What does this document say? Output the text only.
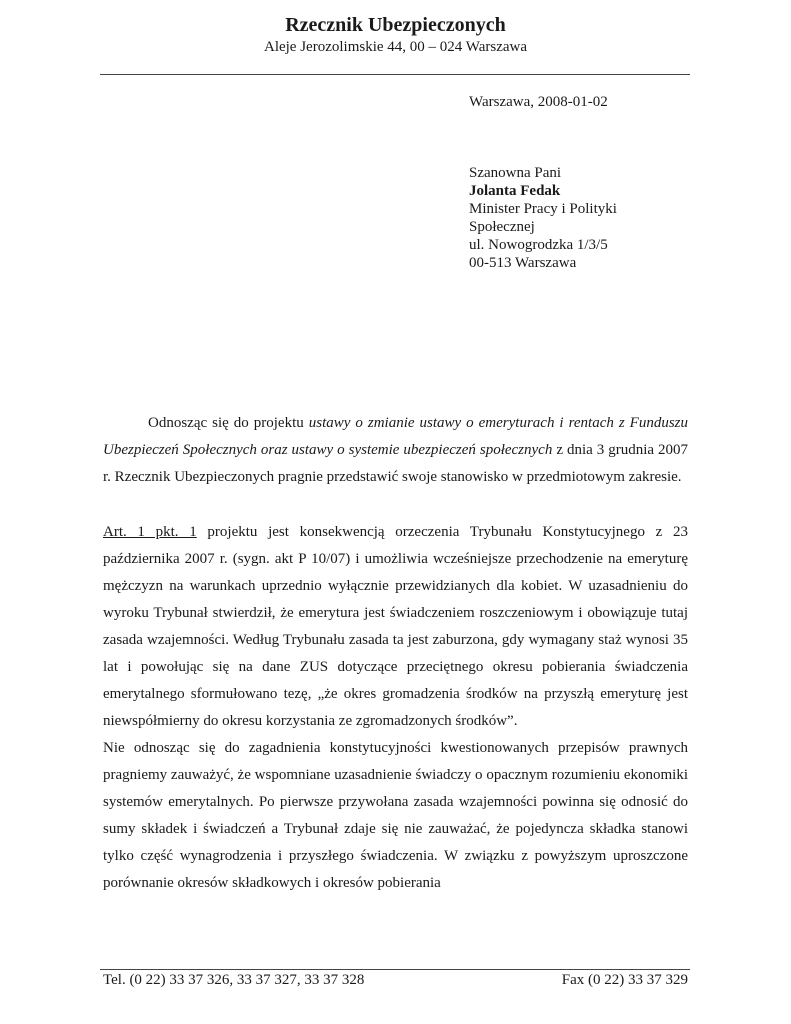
Rzecznik Ubezpieczonych
Aleje Jerozolimskie 44, 00 – 024 Warszawa
Warszawa, 2008-01-02
Szanowna Pani
Jolanta Fedak
Minister Pracy i Polityki
Społecznej
ul. Nowogrodzka 1/3/5
00-513 Warszawa

Odnosząc się do projektu ustawy o zmianie ustawy o emeryturach i rentach z Funduszu Ubezpieczeń Społecznych oraz ustawy o systemie ubezpieczeń społecznych z dnia 3 grudnia 2007 r. Rzecznik Ubezpieczonych pragnie przedstawić swoje stanowisko w przedmiotowym zakresie.

Art. 1 pkt. 1 projektu jest konsekwencją orzeczenia Trybunału Konstytucyjnego z 23 października 2007 r. (sygn. akt P 10/07) i umożliwia wcześniejsze przechodzenie na emeryturę mężczyzn na warunkach uprzednio wyłącznie przewidzianych dla kobiet. W uzasadnieniu do wyroku Trybunał stwierdził, że emerytura jest świadczeniem roszczeniowym i obowiązuje tutaj zasada wzajemności. Według Trybunału zasada ta jest zaburzona, gdy wymagany staż wynosi 35 lat i powołując się na dane ZUS dotyczące przeciętnego okresu pobierania świadczenia emerytalnego sformułowano tezę, „że okres gromadzenia środków na przyszłą emeryturę jest niewspółmierny do okresu korzystania ze zgromadzonych środków”.

Nie odnosząc się do zagadnienia konstytucyjności kwestionowanych przepisów prawnych pragniemy zauważyć, że wspomniane uzasadnienie świadczy o opacznym rozumieniu ekonomiki systemów emerytalnych. Po pierwsze przywołana zasada wzajemności powinna się odnosić do sumy składek i świadczeń a Trybunał zdaje się nie zauważać, że pojedyncza składka stanowi tylko część wynagrodzenia i przyszłego świadczenia. W związku z powyższym uproszczone porównanie okresów składkowych i okresów pobierania

Tel. (0 22) 33 37 326, 33 37 327, 33 37 328	Fax (0 22) 33 37 329
